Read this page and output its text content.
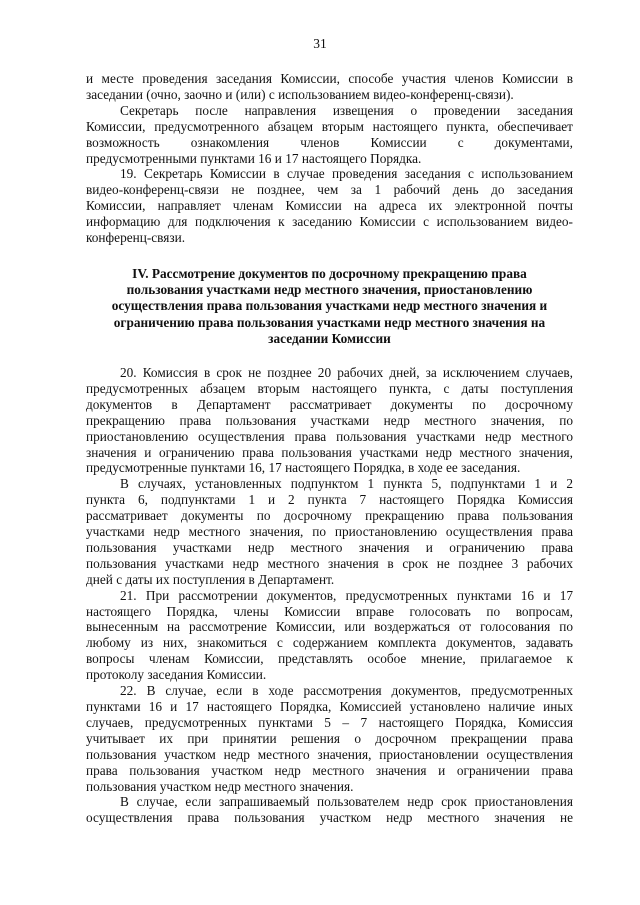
31
и месте проведения заседания Комиссии, способе участия членов Комиссии в
заседании (очно, заочно и (или) с использованием видео-конференц-связи).
Секретарь после направления извещения о проведении заседания
Комиссии, предусмотренного абзацем вторым настоящего пункта, обеспечивает
возможность ознакомления членов Комиссии с документами,
предусмотренными пунктами 16 и 17 настоящего Порядка.
19. Секретарь Комиссии в случае проведения заседания с использованием
видео-конференц-связи не позднее, чем за 1 рабочий день до заседания
Комиссии, направляет членам Комиссии на адреса их электронной почты
информацию для подключения к заседанию Комиссии с использованием видео-
конференц-связи.
IV. Рассмотрение документов по досрочному прекращению права
пользования участками недр местного значения, приостановлению
осуществления права пользования участками недр местного значения и
ограничению права пользования участками недр местного значения на
заседании Комиссии
20. Комиссия в срок не позднее 20 рабочих дней, за исключением случаев,
предусмотренных абзацем вторым настоящего пункта, с даты поступления
документов в Департамент рассматривает документы по досрочному
прекращению права пользования участками недр местного значения, по
приостановлению осуществления права пользования участками недр местного
значения и ограничению права пользования участками недр местного значения,
предусмотренные пунктами 16, 17 настоящего Порядка, в ходе ее заседания.
В случаях, установленных подпунктом 1 пункта 5, подпунктами 1 и 2
пункта 6, подпунктами 1 и 2 пункта 7 настоящего Порядка Комиссия
рассматривает документы по досрочному прекращению права пользования
участками недр местного значения, по приостановлению осуществления права
пользования участками недр местного значения и ограничению права
пользования участками недр местного значения в срок не позднее 3 рабочих
дней с даты их поступления в Департамент.
21. При рассмотрении документов, предусмотренных пунктами 16 и 17
настоящего Порядка, члены Комиссии вправе голосовать по вопросам,
вынесенным на рассмотрение Комиссии, или воздержаться от голосования по
любому из них, знакомиться с содержанием комплекта документов, задавать
вопросы членам Комиссии, представлять особое мнение, прилагаемое к
протоколу заседания Комиссии.
22. В случае, если в ходе рассмотрения документов, предусмотренных
пунктами 16 и 17 настоящего Порядка, Комиссией установлено наличие иных
случаев, предусмотренных пунктами 5 – 7 настоящего Порядка, Комиссия
учитывает их при принятии решения о досрочном прекращении права
пользования участком недр местного значения, приостановлении осуществления
права пользования участком недр местного значения и ограничении права
пользования участком недр местного значения.
В случае, если запрашиваемый пользователем недр срок приостановления
осуществления права пользования участком недр местного значения не
